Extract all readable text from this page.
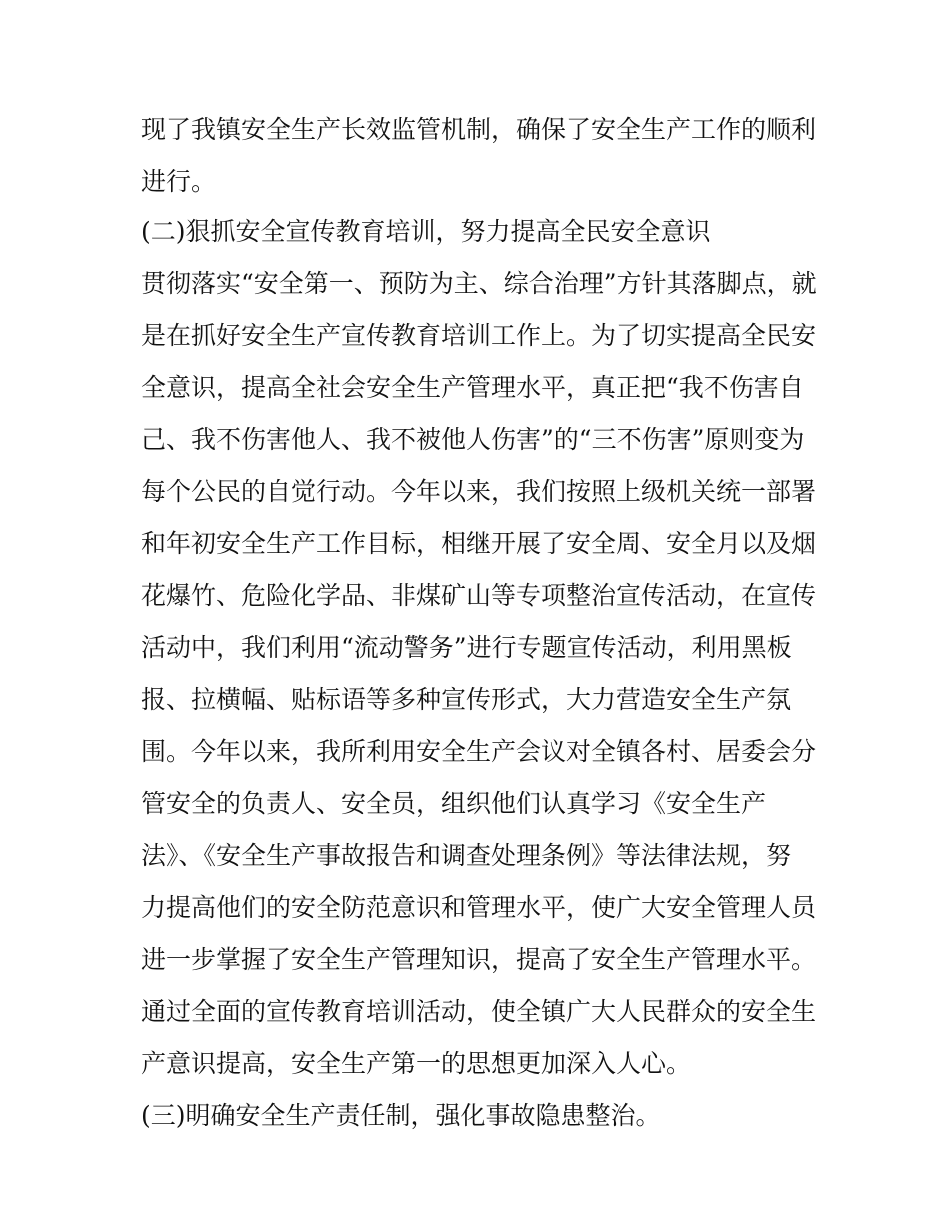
现了我镇安全生产长效监管机制，确保了安全生产工作的顺利
进行。
(二)狠抓安全宣传教育培训，努力提高全民安全意识
贯彻落实“安全第一、预防为主、综合治理”方针其落脚点，就
是在抓好安全生产宣传教育培训工作上。为了切实提高全民安
全意识，提高全社会安全生产管理水平，真正把“我不伤害自
己、我不伤害他人、我不被他人伤害”的“三不伤害”原则变为
每个公民的自觉行动。今年以来，我们按照上级机关统一部署
和年初安全生产工作目标，相继开展了安全周、安全月以及烟
花爆竹、危险化学品、非煤矿山等专项整治宣传活动，在宣传
活动中，我们利用“流动警务”进行专题宣传活动，利用黑板
报、拉横幅、贴标语等多种宣传形式，大力营造安全生产氛
围。今年以来，我所利用安全生产会议对全镇各村、居委会分
管安全的负责人、安全员，组织他们认真学习《安全生产
法》、《安全生产事故报告和调查处理条例》等法律法规，努
力提高他们的安全防范意识和管理水平，使广大安全管理人员
进一步掌握了安全生产管理知识，提高了安全生产管理水平。
通过全面的宣传教育培训活动，使全镇广大人民群众的安全生
产意识提高，安全生产第一的思想更加深入人心。
(三)明确安全生产责任制，强化事故隐患整治。
